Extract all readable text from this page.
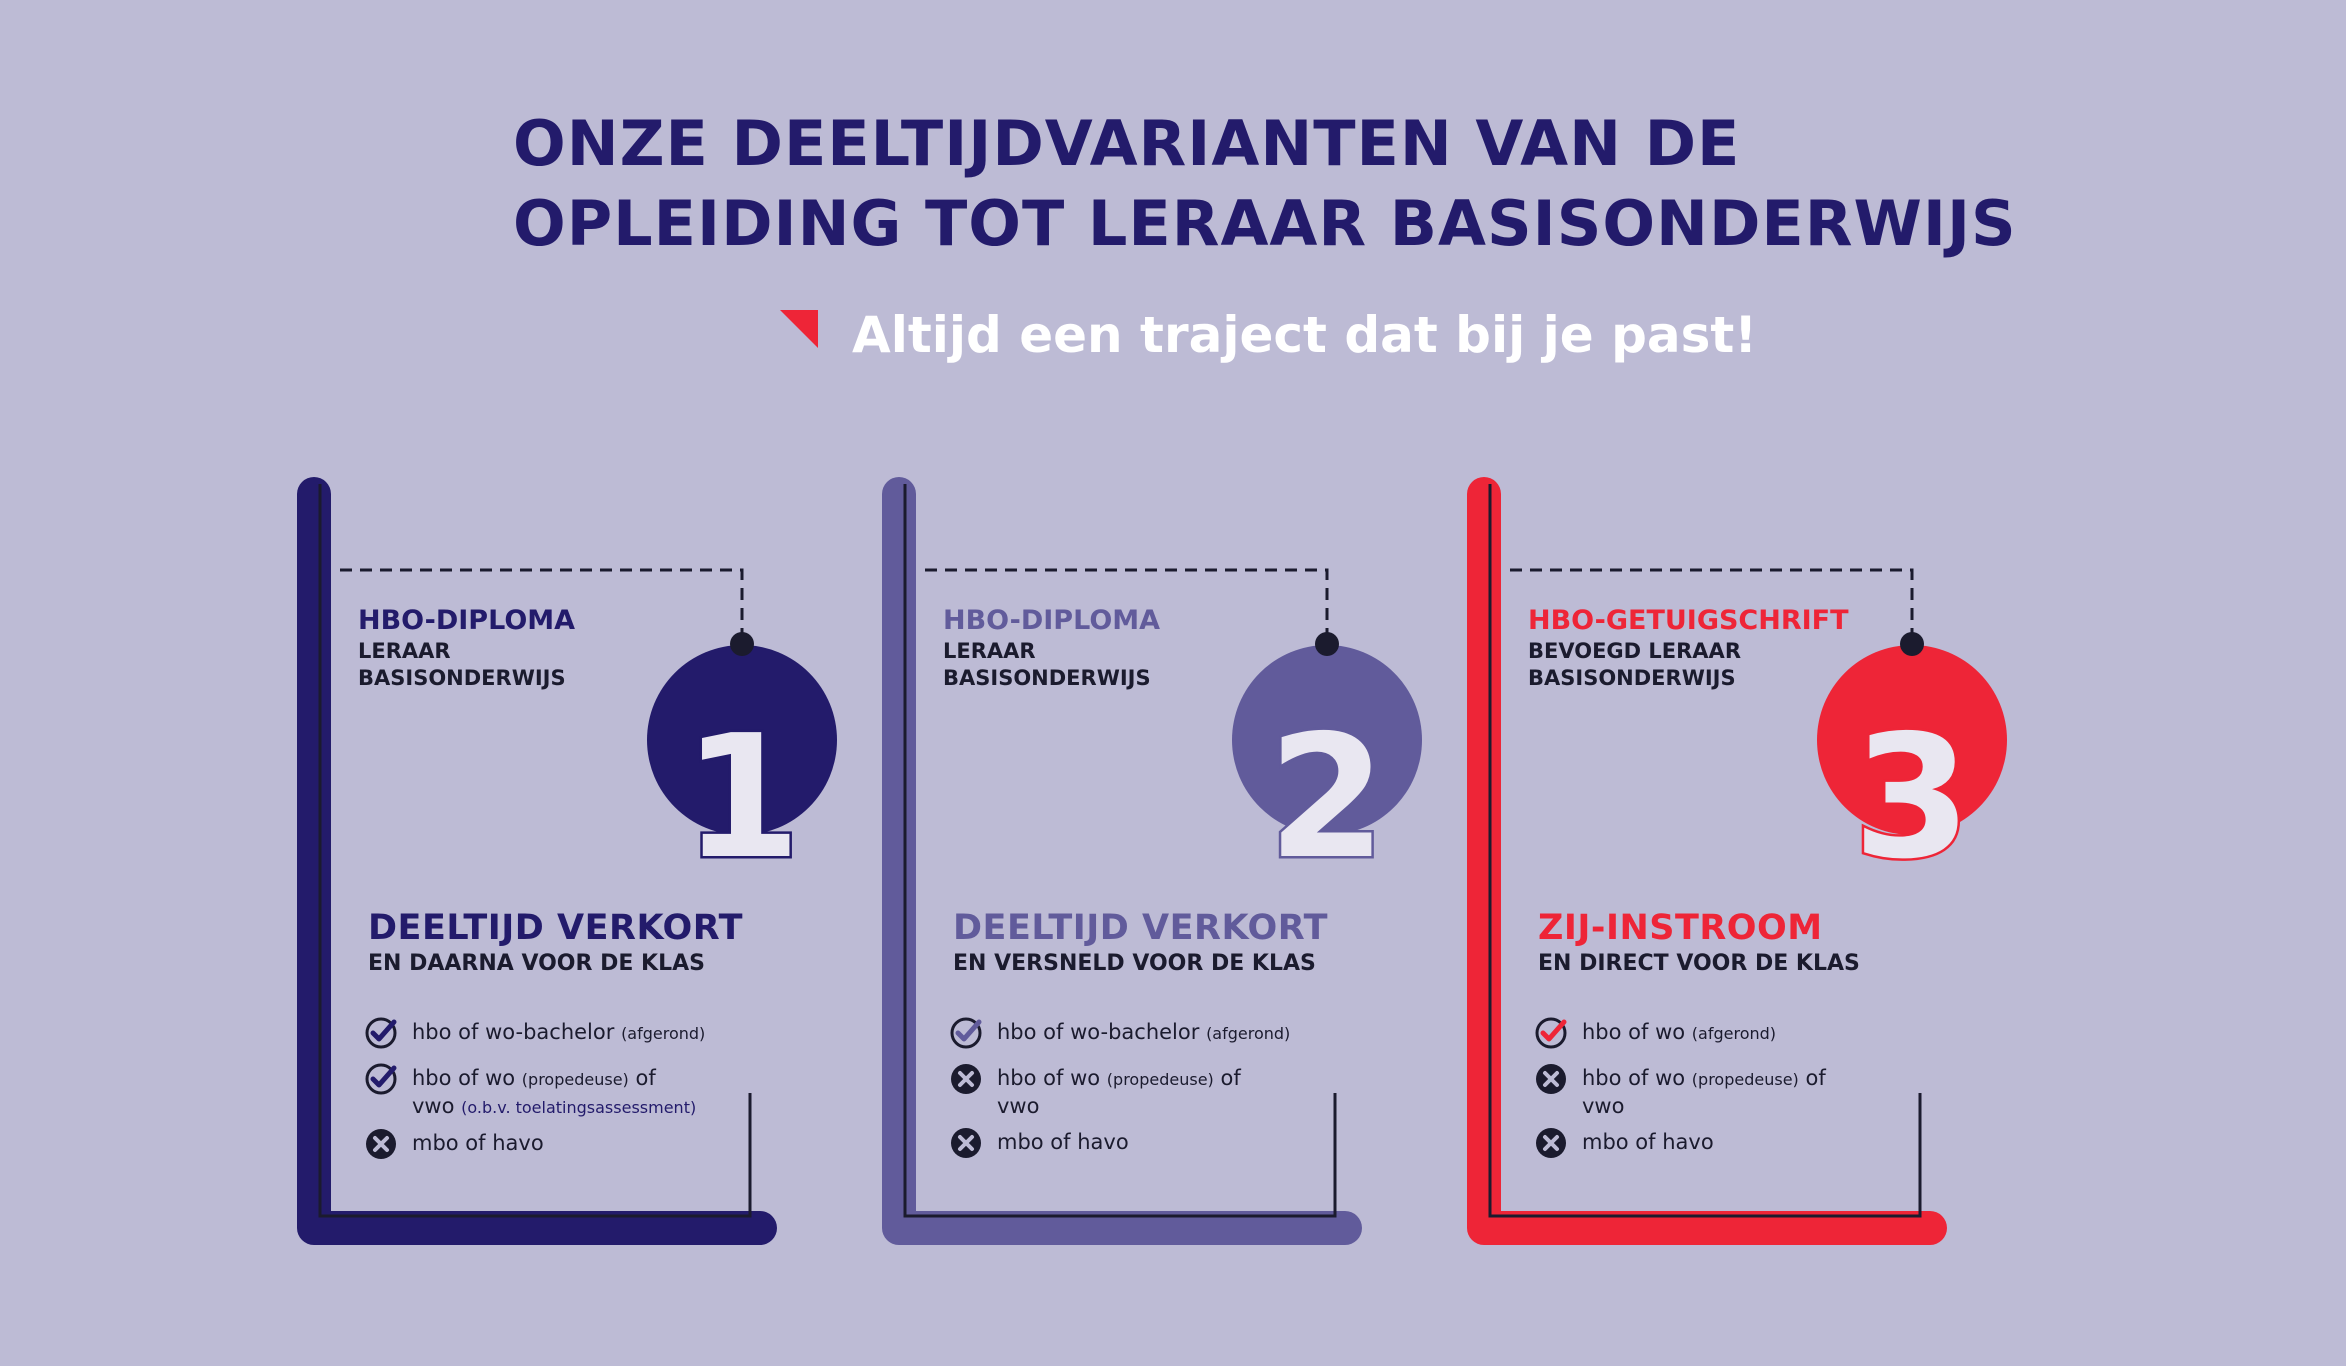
ONZE DEELTIJDVARIANTEN VAN DE
OPLEIDING TOT LERAAR BASISONDERWIJS
Altijd een traject dat bij je past!
1
HBO-DIPLOMA
LERAAR
BASISONDERWIJS
DEELTIJD VERKORT
EN DAARNA VOOR DE KLAS
hbo of wo-bachelor (afgerond)
hbo of wo (propedeuse) of
vwo (o.b.v. toelatingsassessment)
mbo of havo
2
HBO-DIPLOMA
LERAAR
BASISONDERWIJS
DEELTIJD VERKORT
EN VERSNELD VOOR DE KLAS
hbo of wo-bachelor (afgerond)
hbo of wo (propedeuse) of
vwo
mbo of havo
3
HBO-GETUIGSCHRIFT
BEVOEGD LERAAR
BASISONDERWIJS
ZIJ-INSTROOM
EN DIRECT VOOR DE KLAS
hbo of wo (afgerond)
hbo of wo (propedeuse) of
vwo
mbo of havo
